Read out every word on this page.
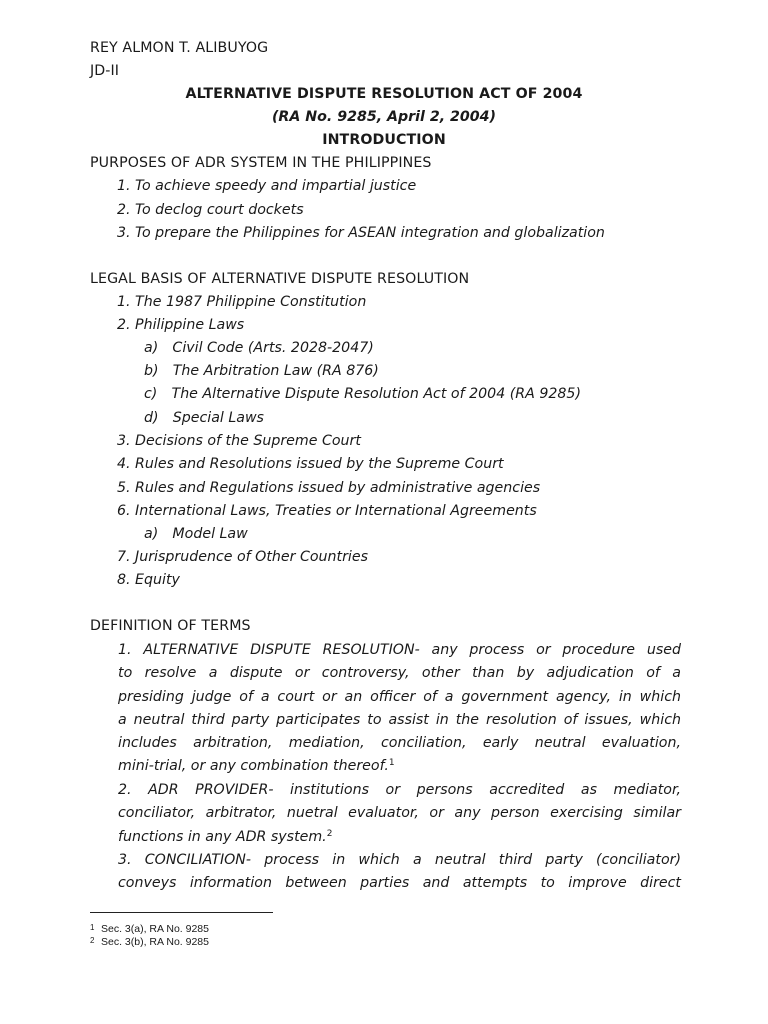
REY ALMON T. ALIBUYOG
JD-II
ALTERNATIVE DISPUTE RESOLUTION ACT OF 2004
(RA No. 9285, April 2, 2004)
INTRODUCTION
PURPOSES OF ADR SYSTEM IN THE PHILIPPINES
1. To achieve speedy and impartial justice
2. To declog court dockets
3. To prepare the Philippines for ASEAN integration and globalization
LEGAL BASIS OF ALTERNATIVE DISPUTE RESOLUTION
1. The 1987 Philippine Constitution
2. Philippine Laws
a) Civil Code (Arts. 2028-2047)
b) The Arbitration Law (RA 876)
c) The Alternative Dispute Resolution Act of 2004 (RA 9285)
d) Special Laws
3. Decisions of the Supreme Court
4. Rules and Resolutions issued by the Supreme Court
5. Rules and Regulations issued by administrative agencies
6. International Laws, Treaties or International Agreements
a) Model Law
7. Jurisprudence of Other Countries
8. Equity
DEFINITION OF TERMS
1. ALTERNATIVE DISPUTE RESOLUTION- any process or procedure used
to resolve a dispute or controversy, other than by adjudication of a
presiding judge of a court or an officer of a government agency, in which
a neutral third party participates to assist in the resolution of issues, which
includes arbitration, mediation, conciliation, early neutral evaluation,
mini-trial, or any combination thereof.$^1$
2. ADR PROVIDER- institutions or persons accredited as mediator,
conciliator, arbitrator, nuetral evaluator, or any person exercising similar
functions in any ADR system.$^2$
3. CONCILIATION- process in which a neutral third party (conciliator)
conveys information between parties and attempts to improve direct
1 Sec. 3(a), RA No. 9285
2 Sec. 3(b), RA No. 9285
